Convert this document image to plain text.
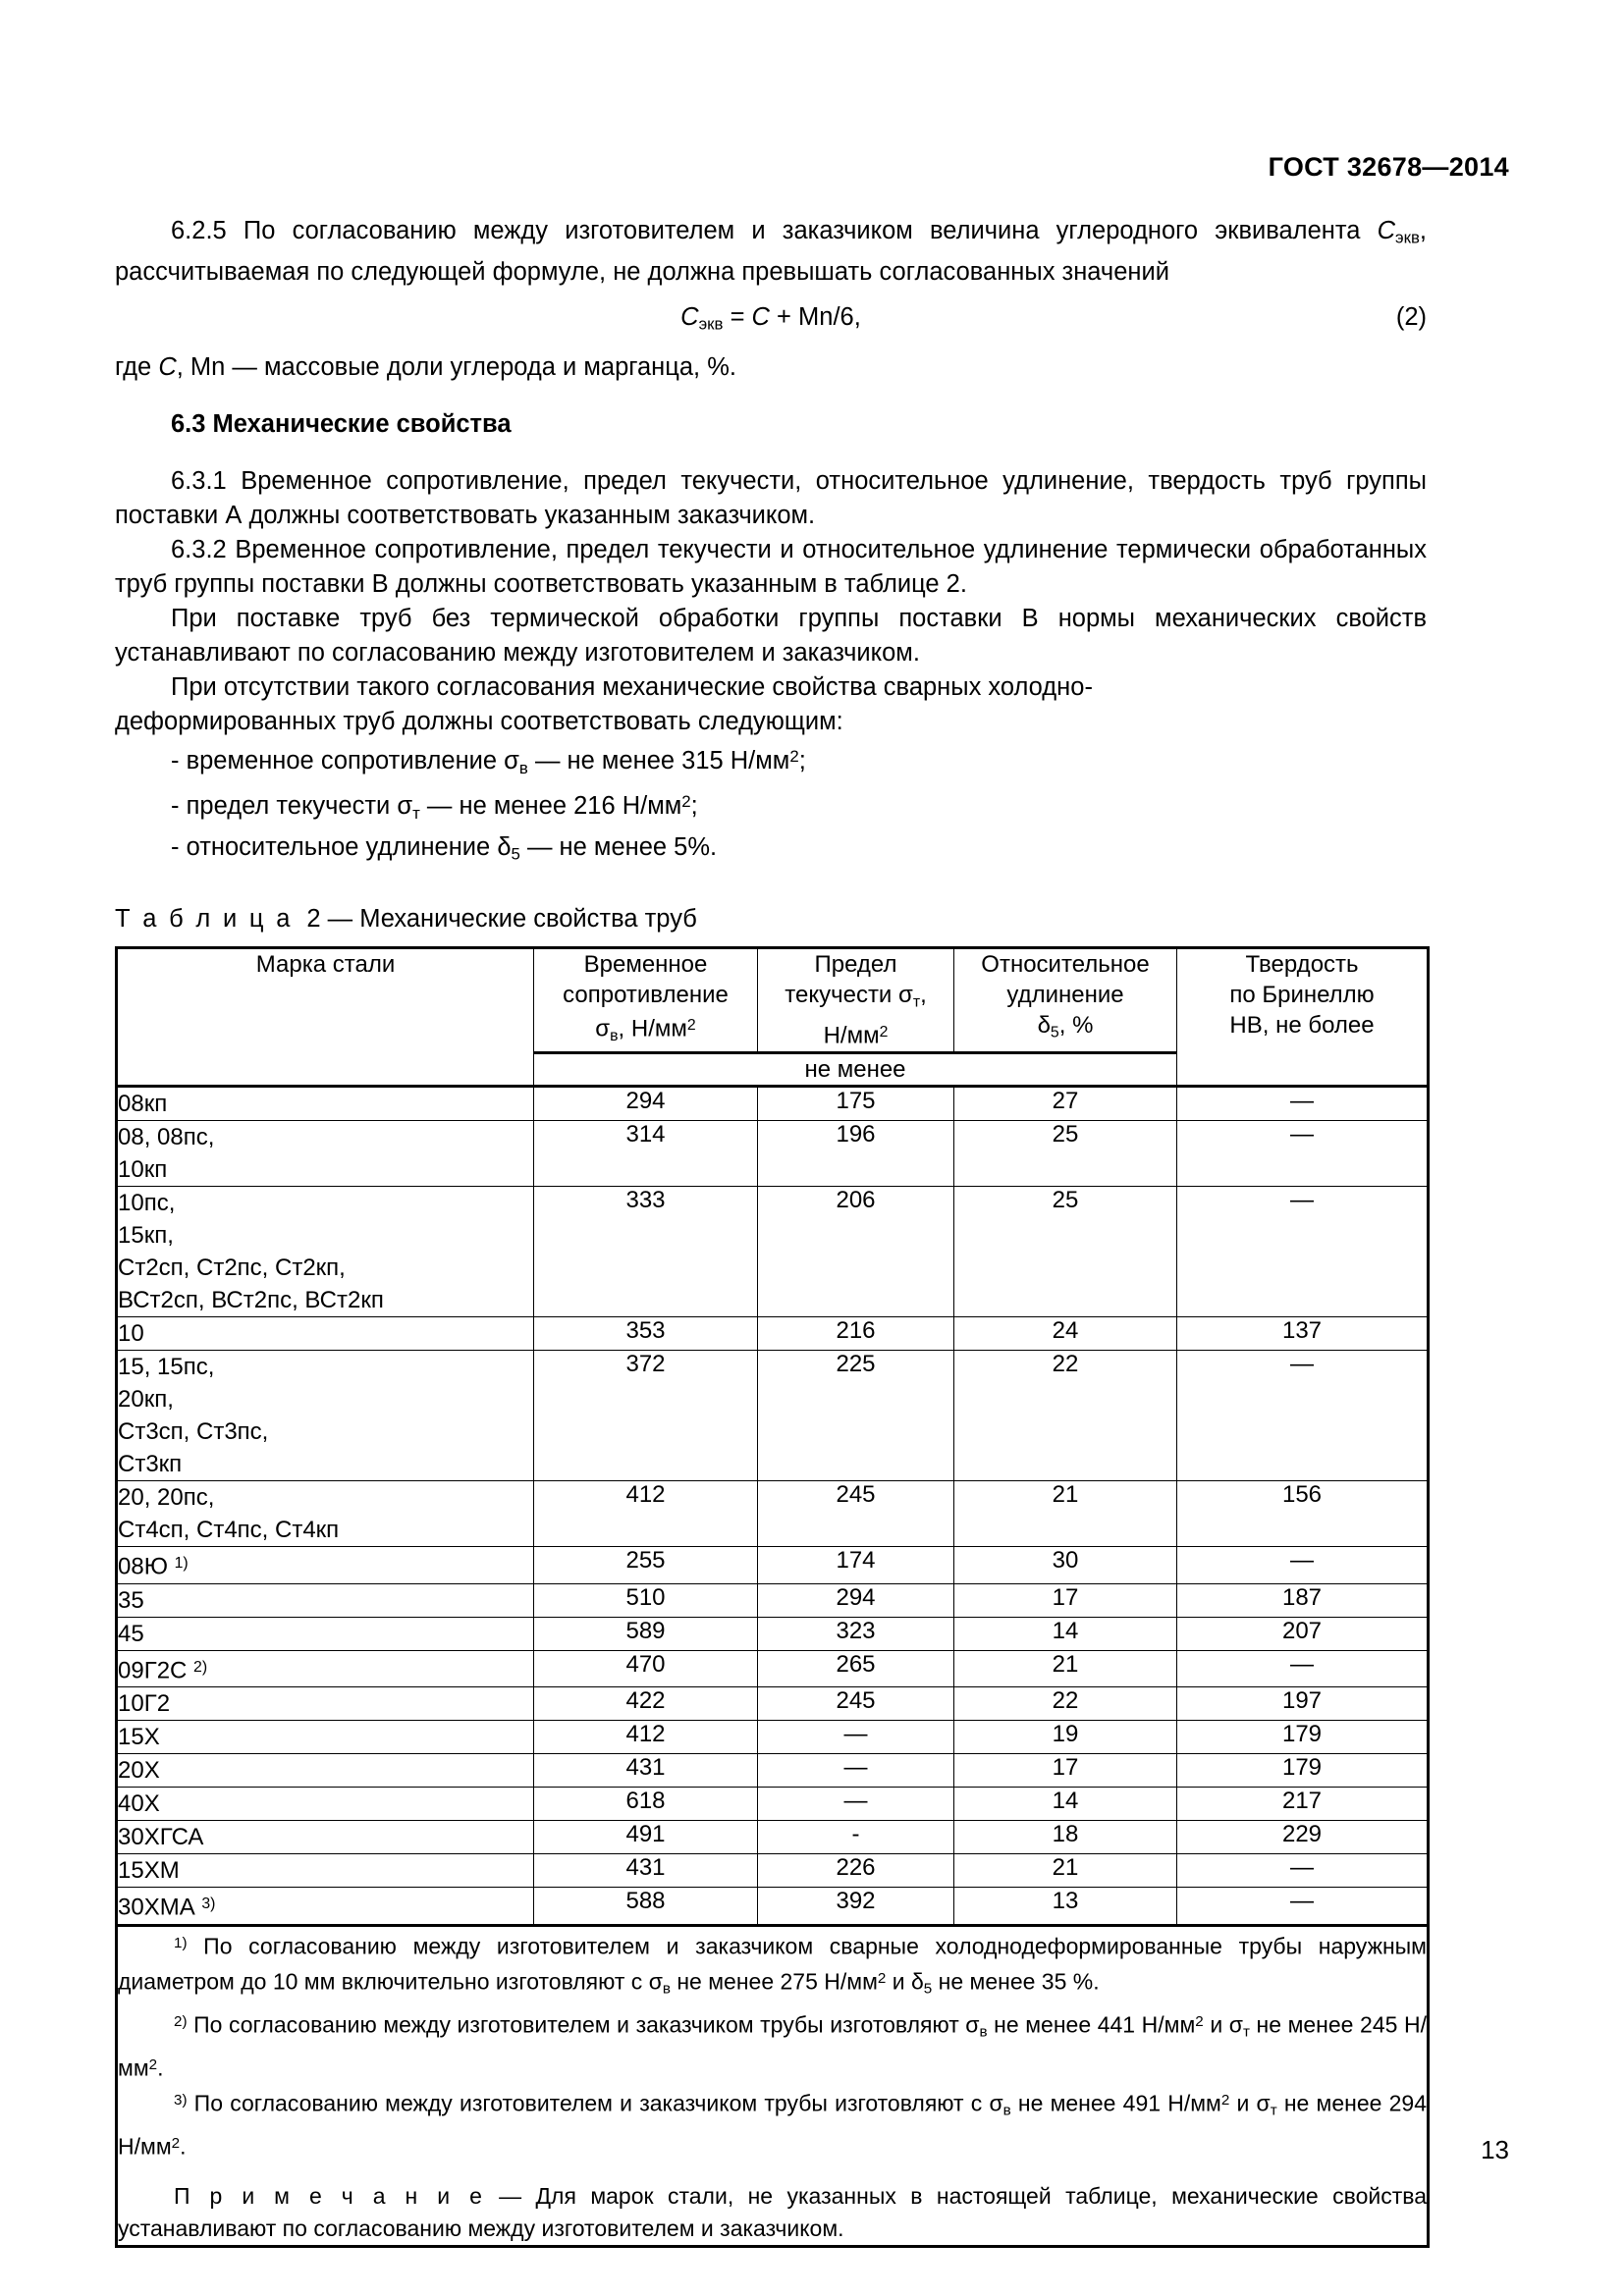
ГОСТ 32678—2014

6.2.5 По согласованию между изготовителем и заказчиком величина углеродного эквивалента $C_{экв}$, рассчитываемая по следующей формуле, не должна превышать согласованных значений

$C_{экв} = C + Mn/6$,	(2)

где C, Mn — массовые доли углерода и марганца, %.

6.3 Механические свойства

6.3.1 Временное сопротивление, предел текучести, относительное удлинение, твердость труб группы поставки А должны соответствовать указанным заказчиком.

6.3.2 Временное сопротивление, предел текучести и относительное удлинение термически обработанных труб группы поставки В должны соответствовать указанным в таблице 2.

При поставке труб без термической обработки группы поставки В нормы механических свойств устанавливают по согласованию между изготовителем и заказчиком.

При отсутствии такого согласования механические свойства сварных холодно-

деформированных труб должны соответствовать следующим:

- временное сопротивление $\sigma_в$ — не менее 315 $Н/мм^2$;

- предел текучести $\sigma_т$ — не менее 216 $Н/мм^2$;

- относительное удлинение $\delta_5$ — не менее 5%.

Т а б л и ц а 2 — Механические свойства труб

Марка стали	Временное
сопротивление
$\sigma_в$, $Н/мм^2$	Предел
текучести $\sigma_т$,
$Н/мм^2$	Относительное
удлинение
$\delta_5$, %	Твердость
по Бринеллю
НВ, не более
	не менее			
08кп	294	175	27	—
08, 08пс,
10кп	314	196	25	—
10пс,
15кп,
Ст2сп, Ст2пс, Ст2кп,
ВСт2сп, ВСт2пс, ВСт2кп	333	206	25	—
10	353	216	24	137
15, 15пс,
20кп,
Ст3сп, Ст3пс,
Ст3кп	372	225	22	—
20, 20пс,
Ст4сп, Ст4пс, Ст4кп	412	245	21	156
08Ю $^{1)}$	255	174	30	—
35	510	294	17	187
45	589	323	14	207
09Г2С $^{2)}$	470	265	21	—
10Г2	422	245	22	197
15Х	412	—	19	179
20Х	431	—	17	179
40Х	618	—	14	217
30ХГСА	491	-	18	229
15ХМ	431	226	21	—
30ХМА $^{3)}$	588	392	13	—

$^{1)}$ По согласованию между изготовителем и заказчиком сварные холоднодеформированные трубы наружным диаметром до 10 мм включительно изготовляют с $\sigma_в$ не менее 275 $Н/мм^2$ и $\delta_5$ не менее 35 %.

$^{2)}$ По согласованию между изготовителем и заказчиком трубы изготовляют $\sigma_в$ не менее 441 $Н/мм^2$ и $\sigma_т$ не менее 245 $Н/мм^2$.

$^{3)}$ По согласованию между изготовителем и заказчиком трубы изготовляют с $\sigma_в$ не менее 491 $Н/мм^2$ и $\sigma_т$ не менее 294 $Н/мм^2$.

П р и м е ч а н и е — Для марок стали, не указанных в настоящей таблице, механические свойства устанавливают по согласованию между изготовителем и заказчиком.				

13
